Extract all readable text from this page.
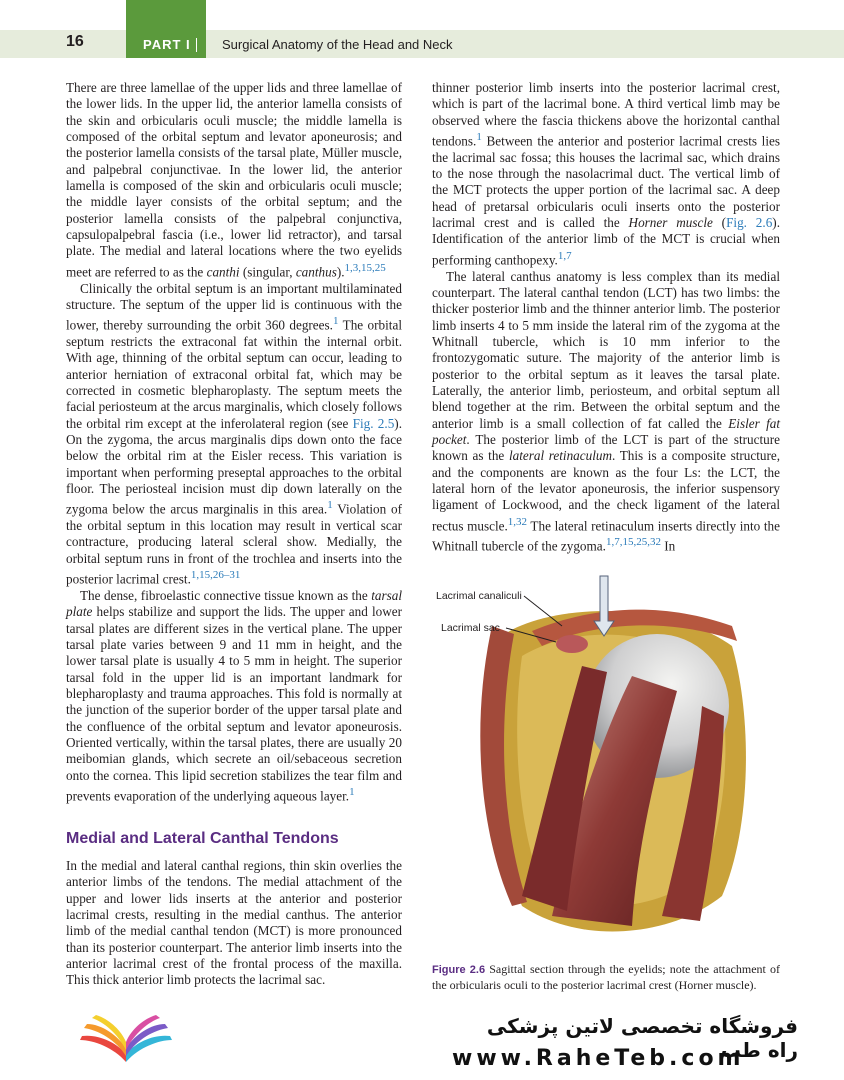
16	PART I Surgical Anatomy of the Head and Neck

There are three lamellae of the upper lids and three lamellae of the lower lids. In the upper lid, the anterior lamella consists of the skin and orbicularis oculi muscle; the middle lamella is composed of the orbital septum and levator aponeurosis; and the posterior lamella consists of the tarsal plate, Müller muscle, and palpebral conjunctivae. In the lower lid, the anterior lamella is composed of the skin and orbicularis oculi muscle; the middle layer consists of the orbital septum; and the posterior lamella consists of the palpebral conjunctiva, capsulopalpebral fascia (i.e., lower lid retractor), and tarsal plate. The medial and lateral locations where the two eyelids meet are referred to as the canthi (singular, canthus).$^{1,3,15,25}$

Clinically the orbital septum is an important multilaminated structure. The septum of the upper lid is continuous with the lower, thereby surrounding the orbit 360 degrees.$^1$ The orbital septum restricts the extraconal fat within the internal orbit. With age, thinning of the orbital septum can occur, leading to anterior herniation of extraconal orbital fat, which may be corrected in cosmetic blepharoplasty. The septum meets the facial periosteum at the arcus marginalis, which closely follows the orbital rim except at the inferolateral region (see Fig. 2.5). On the zygoma, the arcus marginalis dips down onto the face below the orbital rim at the Eisler recess. This variation is important when performing preseptal approaches to the orbital floor. The periosteal incision must dip down laterally on the zygoma below the arcus marginalis in this area.$^1$ Violation of the orbital septum in this location may result in vertical scar contracture, producing lateral scleral show. Medially, the orbital septum runs in front of the trochlea and inserts into the posterior lacrimal crest.$^{1,15,26-31}$

The dense, fibroelastic connective tissue known as the tarsal plate helps stabilize and support the lids. The upper and lower tarsal plates are different sizes in the vertical plane. The upper tarsal plate varies between 9 and 11 mm in height, and the lower tarsal plate is usually 4 to 5 mm in height. The superior tarsal fold in the upper lid is an important landmark for blepharoplasty and trauma approaches. This fold is normally at the junction of the superior border of the upper tarsal plate and the confluence of the orbital septum and levator aponeurosis. Oriented vertically, within the tarsal plates, there are usually 20 meibomian glands, which secrete an oil/sebaceous secretion onto the cornea. This lipid secretion stabilizes the tear film and prevents evaporation of the underlying aqueous layer.$^1$

Medial and Lateral Canthal Tendons

In the medial and lateral canthal regions, thin skin overlies the anterior limbs of the tendons. The medial attachment of the upper and lower lids inserts at the anterior and posterior lacrimal crests, resulting in the medial canthus. The anterior limb of the medial canthal tendon (MCT) is more pronounced than its posterior counterpart. The anterior limb inserts into the anterior lacrimal crest of the frontal process of the maxilla. This thick anterior limb protects the lacrimal sac.

thinner posterior limb inserts into the posterior lacrimal crest, which is part of the lacrimal bone. A third vertical limb may be observed where the fascia thickens above the horizontal canthal tendons.$^1$ Between the anterior and posterior lacrimal crests lies the lacrimal sac fossa; this houses the lacrimal sac, which drains to the nose through the nasolacrimal duct. The vertical limb of the MCT protects the upper portion of the lacrimal sac. A deep head of pretarsal orbicularis oculi inserts onto the posterior lacrimal crest and is called the Horner muscle (Fig. 2.6). Identification of the anterior limb of the MCT is crucial when performing canthopexy.$^{1,7}$

The lateral canthus anatomy is less complex than its medial counterpart. The lateral canthal tendon (LCT) has two limbs: the thicker posterior limb and the thinner anterior limb. The posterior limb inserts 4 to 5 mm inside the lateral rim of the zygoma at the Whitnall tubercle, which is 10 mm inferior to the frontozygomatic suture. The majority of the anterior limb is posterior to the orbital septum as it leaves the tarsal plate. Laterally, the anterior limb, periosteum, and orbital septum all blend together at the rim. Between the orbital septum and the anterior limb is a small collection of fat called the Eisler fat pocket. The posterior limb of the LCT is part of the structure known as the lateral retinaculum. This is a composite structure, and the components are known as the four Ls: the LCT, the lateral horn of the levator aponeurosis, the inferior suspensory ligament of Lockwood, and the check ligament of the lateral rectus muscle.$^{1,32}$ The lateral retinaculum inserts directly into the Whitnall tubercle of the zygoma.$^{1,7,15,25,32}$ In

Lacrimal canaliculi
Lacrimal sac
Figure 2.6 Sagittal section through the eyelids; note the attachment of the orbicularis oculi to the posterior lacrimal crest (Horner muscle).
فروشگاه تخصصی لاتین پزشکی راه طب
www.RaheTeb.com
